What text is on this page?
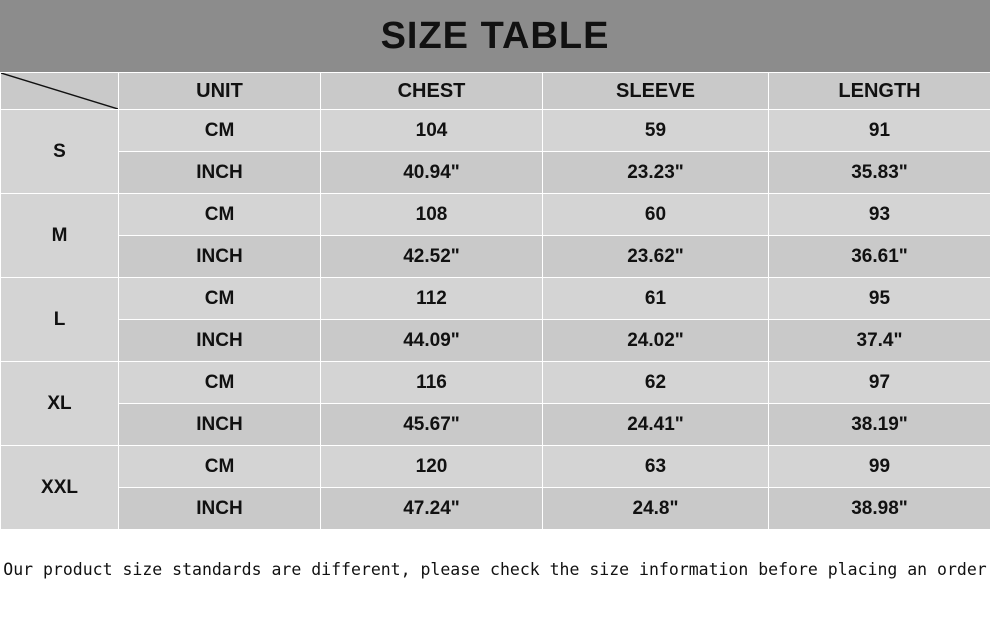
SIZE TABLE
	UNIT	CHEST	SLEEVE	LENGTH
S	CM	104	59	91
	INCH	40.94"	23.23"	35.83"
M	CM	108	60	93
	INCH	42.52"	23.62"	36.61"
L	CM	112	61	95
	INCH	44.09"	24.02"	37.4"
XL	CM	116	62	97
	INCH	45.67"	24.41"	38.19"
XXL	CM	120	63	99
	INCH	47.24"	24.8"	38.98"
Our product size standards are different, please check the size information before placing an order
